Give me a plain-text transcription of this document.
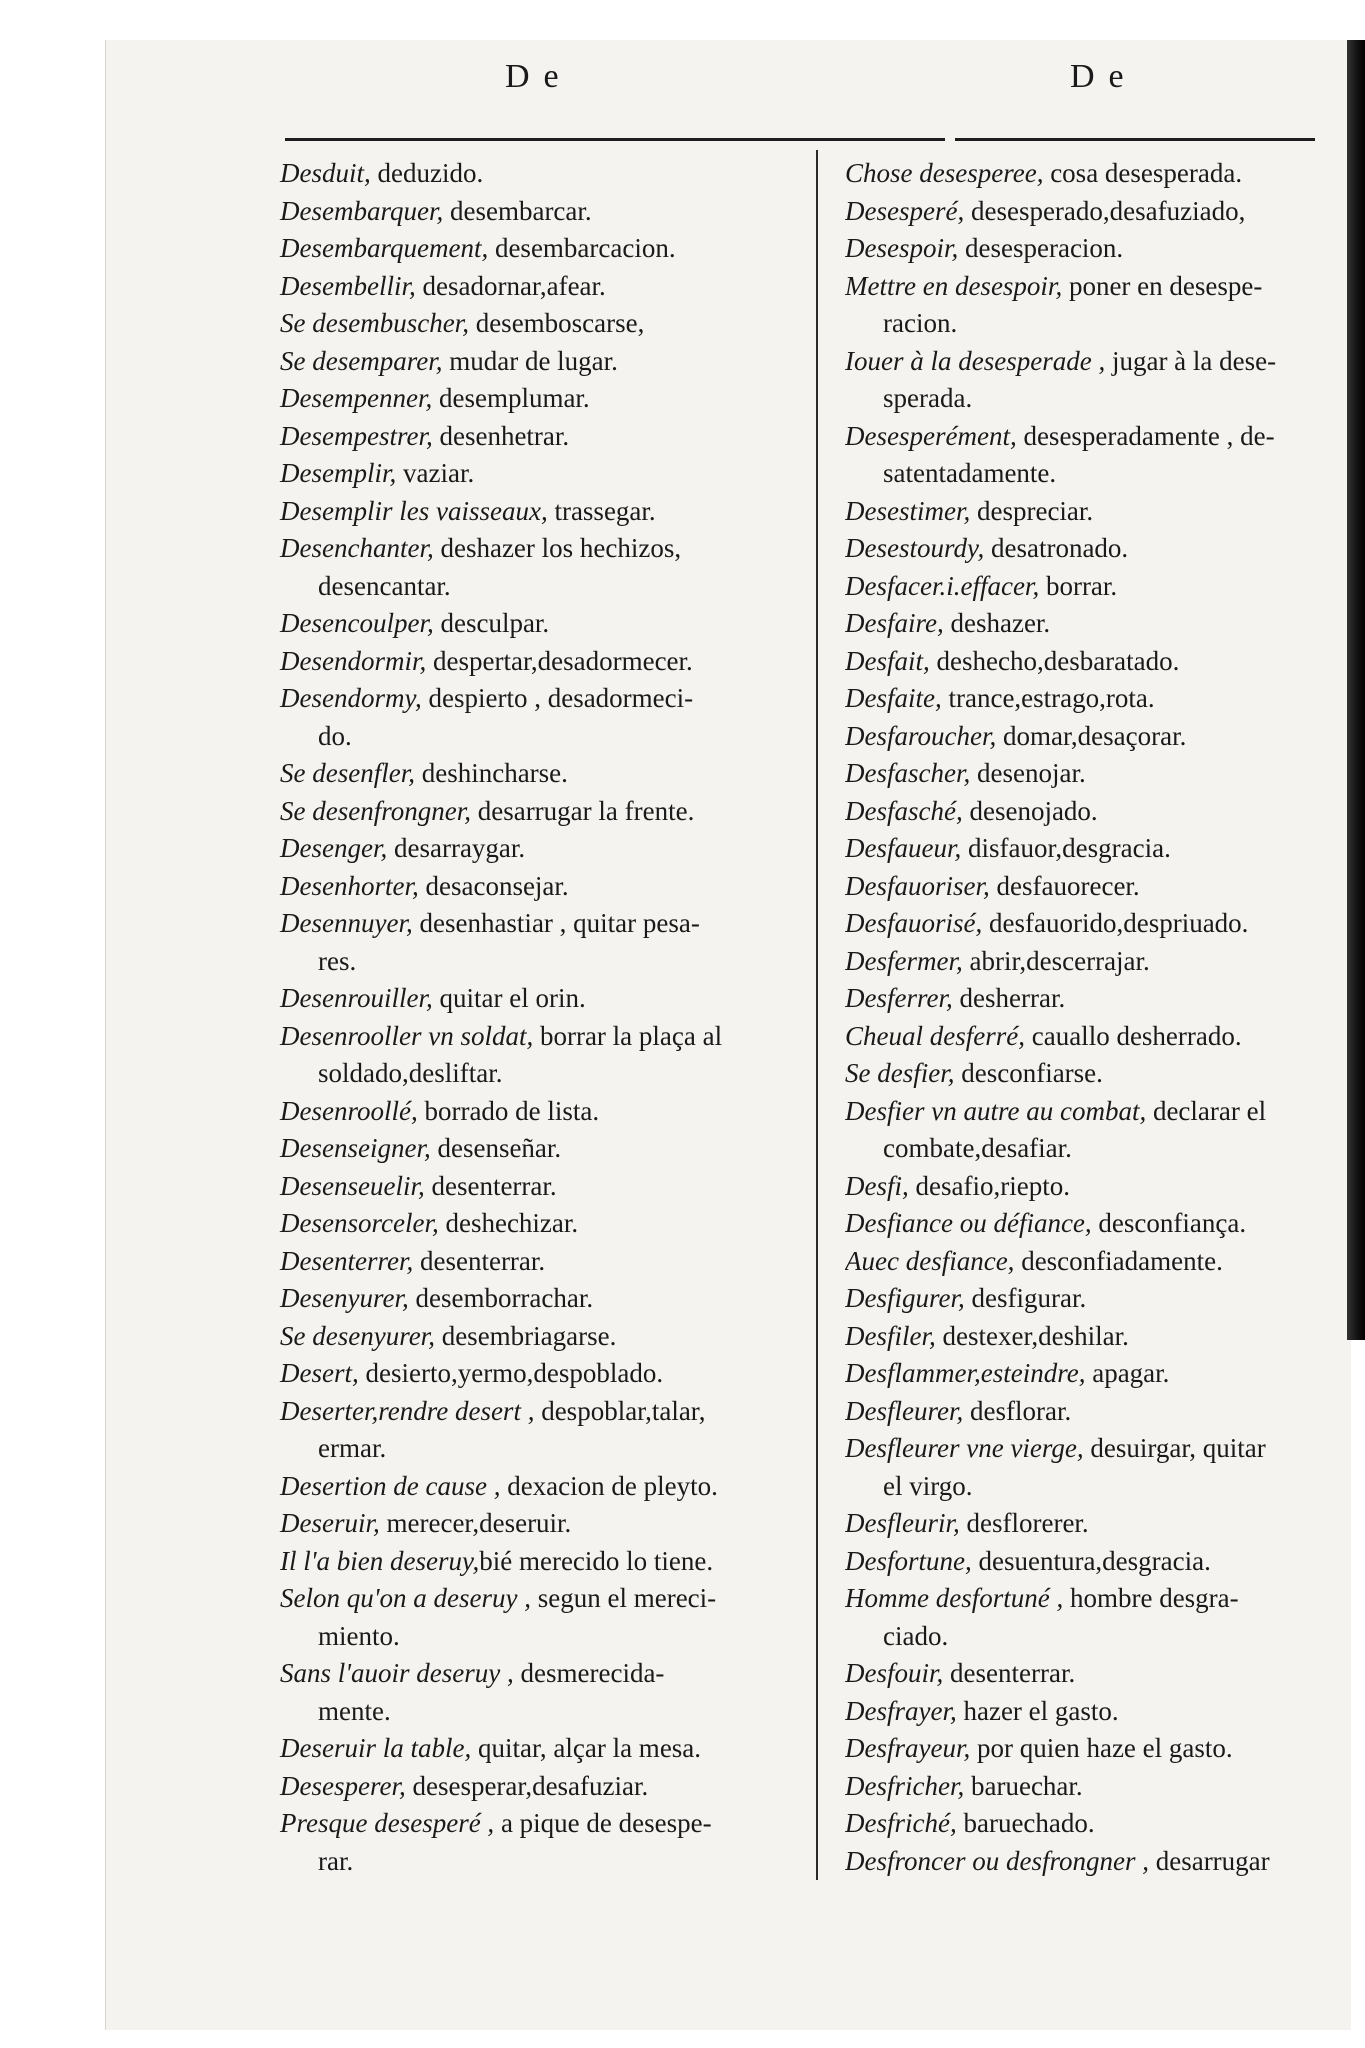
De	De
Desduit, deduzido.
Desembarquer, desembarcar.
Desembarquement, desembarcacion.
Desembellir, desadornar,afear.
Se desembuscher, desemboscarse,
Se desemparer, mudar de lugar.
Desempenner, desemplumar.
Desempestrer, desenhetrar.
Desemplir, vaziar.
Desemplir les vaisseaux, trassegar.
Desenchanter, deshazer los hechizos,
desencantar.
Desencoulper, desculpar.
Desendormir, despertar,desadormecer.
Desendormy, despierto , desadormeci-
do.
Se desenfler, deshincharse.
Se desenfrongner, desarrugar la frente.
Desenger, desarraygar.
Desenhorter, desaconsejar.
Desennuyer, desenhastiar , quitar pesa-
res.
Desenrouiller, quitar el orin.
Desenrooller vn soldat, borrar la plaça al
soldado,desliftar.
Desenroollé, borrado de lista.
Desenseigner, desenseñar.
Desenseuelir, desenterrar.
Desensorceler, deshechizar.
Desenterrer, desenterrar.
Desenyurer, desemborrachar.
Se desenyurer, desembriagarse.
Desert, desierto,yermo,despoblado.
Deserter,rendre desert , despoblar,talar,
ermar.
Desertion de cause , dexacion de pleyto.
Deseruir, merecer,deseruir.
Il l'a bien deseruy,bié merecido lo tiene.
Selon qu'on a deseruy , segun el mereci-
miento.
Sans l'auoir deseruy , desmerecida-
mente.
Deseruir la table, quitar, alçar la mesa.
Desesperer, desesperar,desafuziar.
Presque desesperé , a pique de desespe-
rar.
Chose desesperee, cosa desesperada.
Desesperé, desesperado,desafuziado,
Desespoir, desesperacion.
Mettre en desespoir, poner en desespe-
racion.
Iouer à la desesperade , jugar à la dese-
sperada.
Desesperément, desesperadamente , de-
satentadamente.
Desestimer, despreciar.
Desestourdy, desatronado.
Desfacer.i.effacer, borrar.
Desfaire, deshazer.
Desfait, deshecho,desbaratado.
Desfaite, trance,estrago,rota.
Desfaroucher, domar,desaçorar.
Desfascher, desenojar.
Desfasché, desenojado.
Desfaueur, disfauor,desgracia.
Desfauoriser, desfauorecer.
Desfauorisé, desfauorido,despriuado.
Desfermer, abrir,descerrajar.
Desferrer, desherrar.
Cheual desferré, cauallo desherrado.
Se desfier, desconfiarse.
Desfier vn autre au combat, declarar el
combate,desafiar.
Desfi, desafio,riepto.
Desfiance ou défiance, desconfiança.
Auec desfiance, desconfiadamente.
Desfigurer, desfigurar.
Desfiler, destexer,deshilar.
Desflammer,esteindre, apagar.
Desfleurer, desflorar.
Desfleurer vne vierge, desuirgar, quitar
el virgo.
Desfleurir, desflorerer.
Desfortune, desuentura,desgracia.
Homme desfortuné , hombre desgra-
ciado.
Desfouir, desenterrar.
Desfrayer, hazer el gasto.
Desfrayeur, por quien haze el gasto.
Desfricher, baruechar.
Desfriché, baruechado.
Desfroncer ou desfrongner , desarrugar
